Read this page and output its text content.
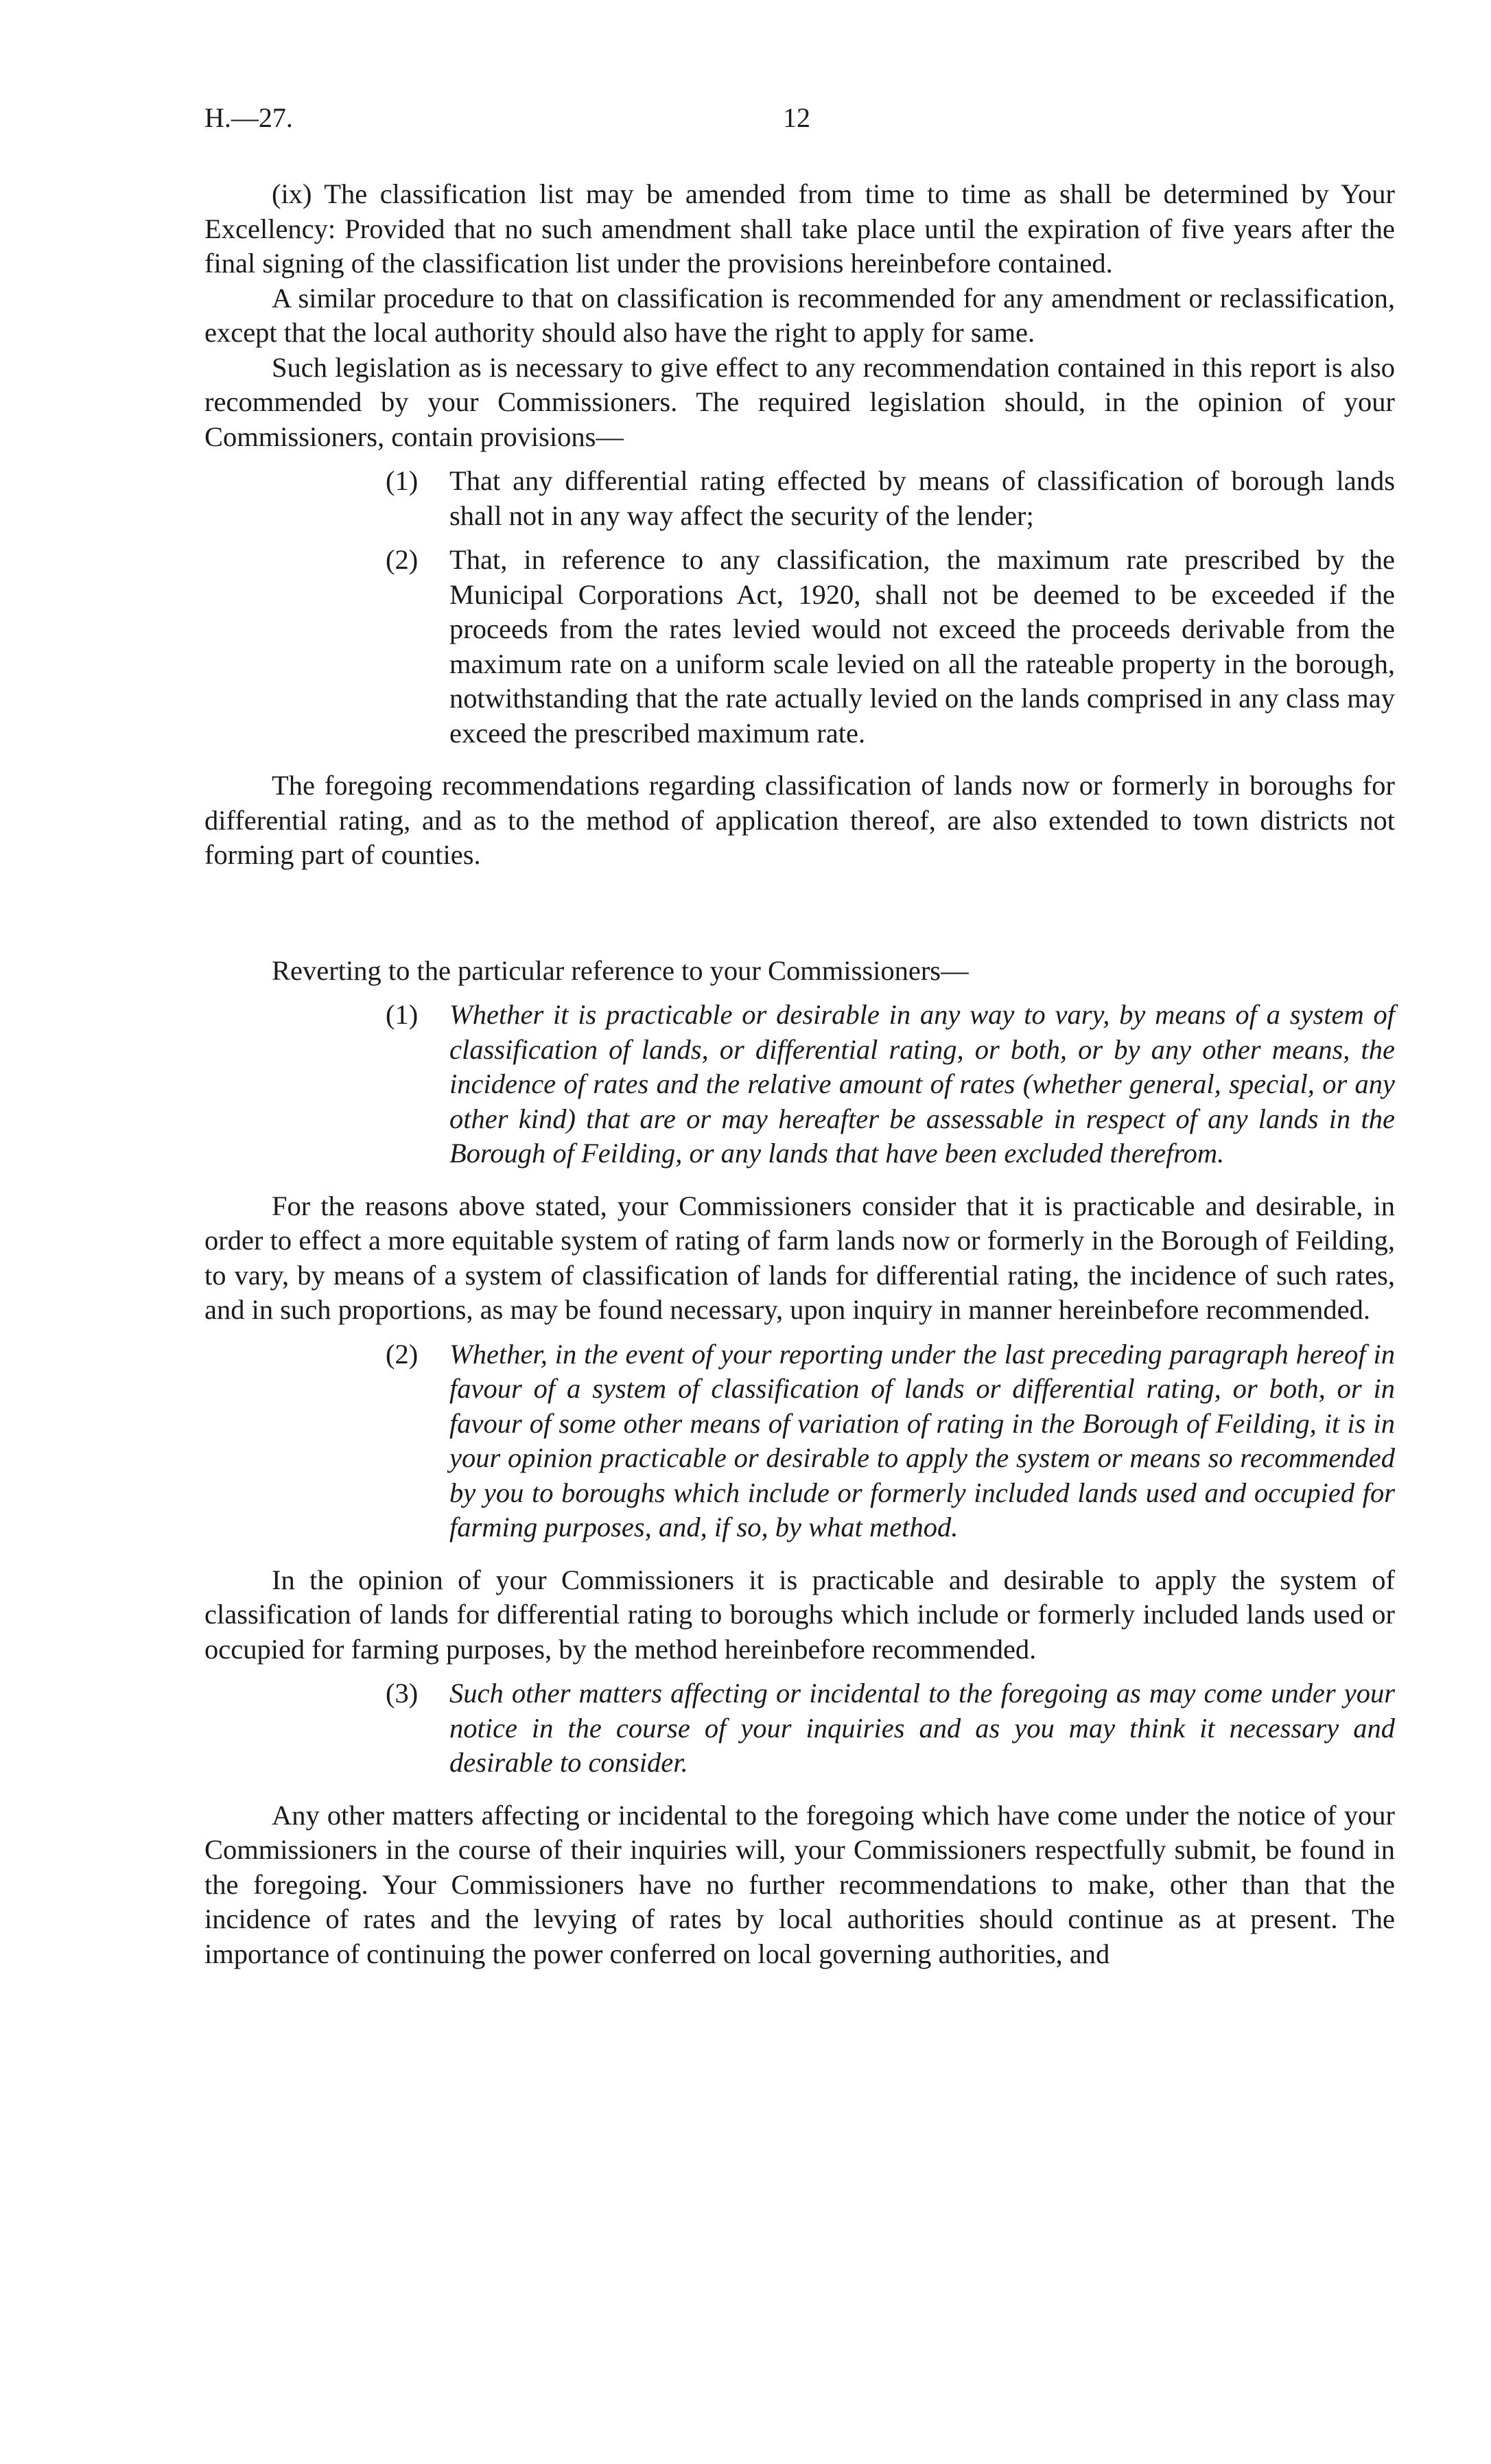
H.—27.	12

(ix) The classification list may be amended from time to time as shall be determined by Your Excellency: Provided that no such amendment shall take place until the expiration of five years after the final signing of the classification list under the provisions hereinbefore contained.

A similar procedure to that on classification is recommended for any amendment or reclassification, except that the local authority should also have the right to apply for same.

Such legislation as is necessary to give effect to any recommendation contained in this report is also recommended by your Commissioners. The required legislation should, in the opinion of your Commissioners, contain provisions—

(1) That any differential rating effected by means of classification of borough lands shall not in any way affect the security of the lender;
(2) That, in reference to any classification, the maximum rate prescribed by the Municipal Corporations Act, 1920, shall not be deemed to be exceeded if the proceeds from the rates levied would not exceed the proceeds derivable from the maximum rate on a uniform scale levied on all the rateable property in the borough, notwithstanding that the rate actually levied on the lands comprised in any class may exceed the prescribed maximum rate.

The foregoing recommendations regarding classification of lands now or formerly in boroughs for differential rating, and as to the method of application thereof, are also extended to town districts not forming part of counties.

Reverting to the particular reference to your Commissioners—

(1) Whether it is practicable or desirable in any way to vary, by means of a system of classification of lands, or differential rating, or both, or by any other means, the incidence of rates and the relative amount of rates (whether general, special, or any other kind) that are or may hereafter be assessable in respect of any lands in the Borough of Feilding, or any lands that have been excluded therefrom.

For the reasons above stated, your Commissioners consider that it is practicable and desirable, in order to effect a more equitable system of rating of farm lands now or formerly in the Borough of Feilding, to vary, by means of a system of classification of lands for differential rating, the incidence of such rates, and in such proportions, as may be found necessary, upon inquiry in manner hereinbefore recommended.

(2) Whether, in the event of your reporting under the last preceding paragraph hereof in favour of a system of classification of lands or differential rating, or both, or in favour of some other means of variation of rating in the Borough of Feilding, it is in your opinion practicable or desirable to apply the system or means so recommended by you to boroughs which include or formerly included lands used and occupied for farming purposes, and, if so, by what method.

In the opinion of your Commissioners it is practicable and desirable to apply the system of classification of lands for differential rating to boroughs which include or formerly included lands used or occupied for farming purposes, by the method hereinbefore recommended.

(3) Such other matters affecting or incidental to the foregoing as may come under your notice in the course of your inquiries and as you may think it necessary and desirable to consider.

Any other matters affecting or incidental to the foregoing which have come under the notice of your Commissioners in the course of their inquiries will, your Commissioners respectfully submit, be found in the foregoing. Your Commissioners have no further recommendations to make, other than that the incidence of rates and the levying of rates by local authorities should continue as at present. The importance of continuing the power conferred on local governing authorities, and
